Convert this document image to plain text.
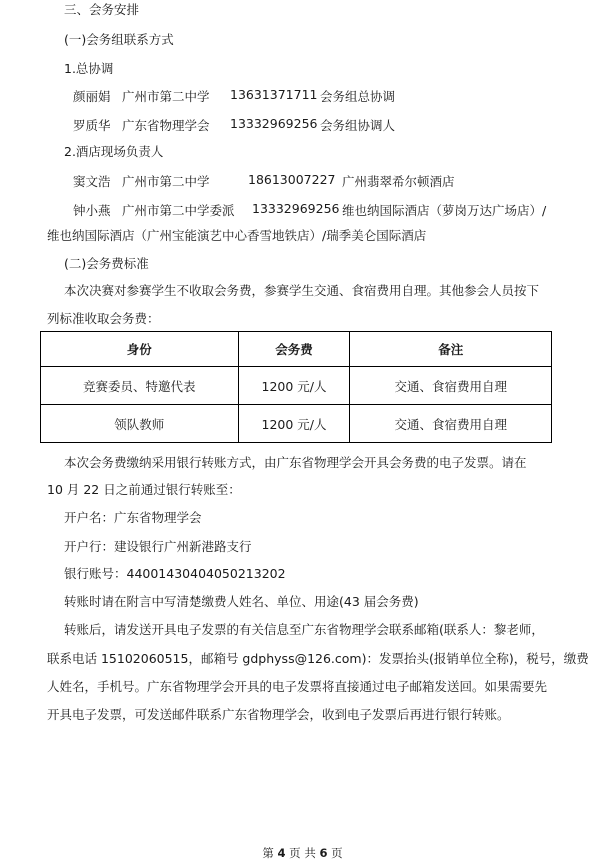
三、会务安排
(一)会务组联系方式
1.总协调
颜丽娟 广州市第二中学 13631371711 会务组总协调
罗质华 广东省物理学会 13332969256 会务组协调人
2.酒店现场负责人
窦文浩 广州市第二中学	18613007227 广州翡翠希尔顿酒店
钟小燕 广州市第二中学委派 13332969256 维也纳国际酒店（萝岗万达广场店）/
维也纳国际酒店（广州宝能演艺中心香雪地铁店）/瑞季美仑国际酒店
(二)会务费标准
本次决赛对参赛学生不收取会务费，参赛学生交通、食宿费用自理。其他参会人员按下
列标准收取会务费：
身份	会务费	备注
竞赛委员、特邀代表	1200 元/人	交通、食宿费用自理
领队教师	1200 元/人	交通、食宿费用自理
本次会务费缴纳采用银行转账方式，由广东省物理学会开具会务费的电子发票。请在
10 月 22 日之前通过银行转账至：
开户名：广东省物理学会
开户行：建设银行广州新港路支行
银行账号：44001430404050213202
转账时请在附言中写清楚缴费人姓名、单位、用途(43 届会务费)
转账后，请发送开具电子发票的有关信息至广东省物理学会联系邮箱(联系人：黎老师，
联系电话 15102060515，邮箱号 gdphyss@126.com)：发票抬头(报销单位全称)，税号，缴费
人姓名，手机号。广东省物理学会开具的电子发票将直接通过电子邮箱发送回。如果需要先
开具电子发票，可发送邮件联系广东省物理学会，收到电子发票后再进行银行转账。
第 4 页 共 6 页
